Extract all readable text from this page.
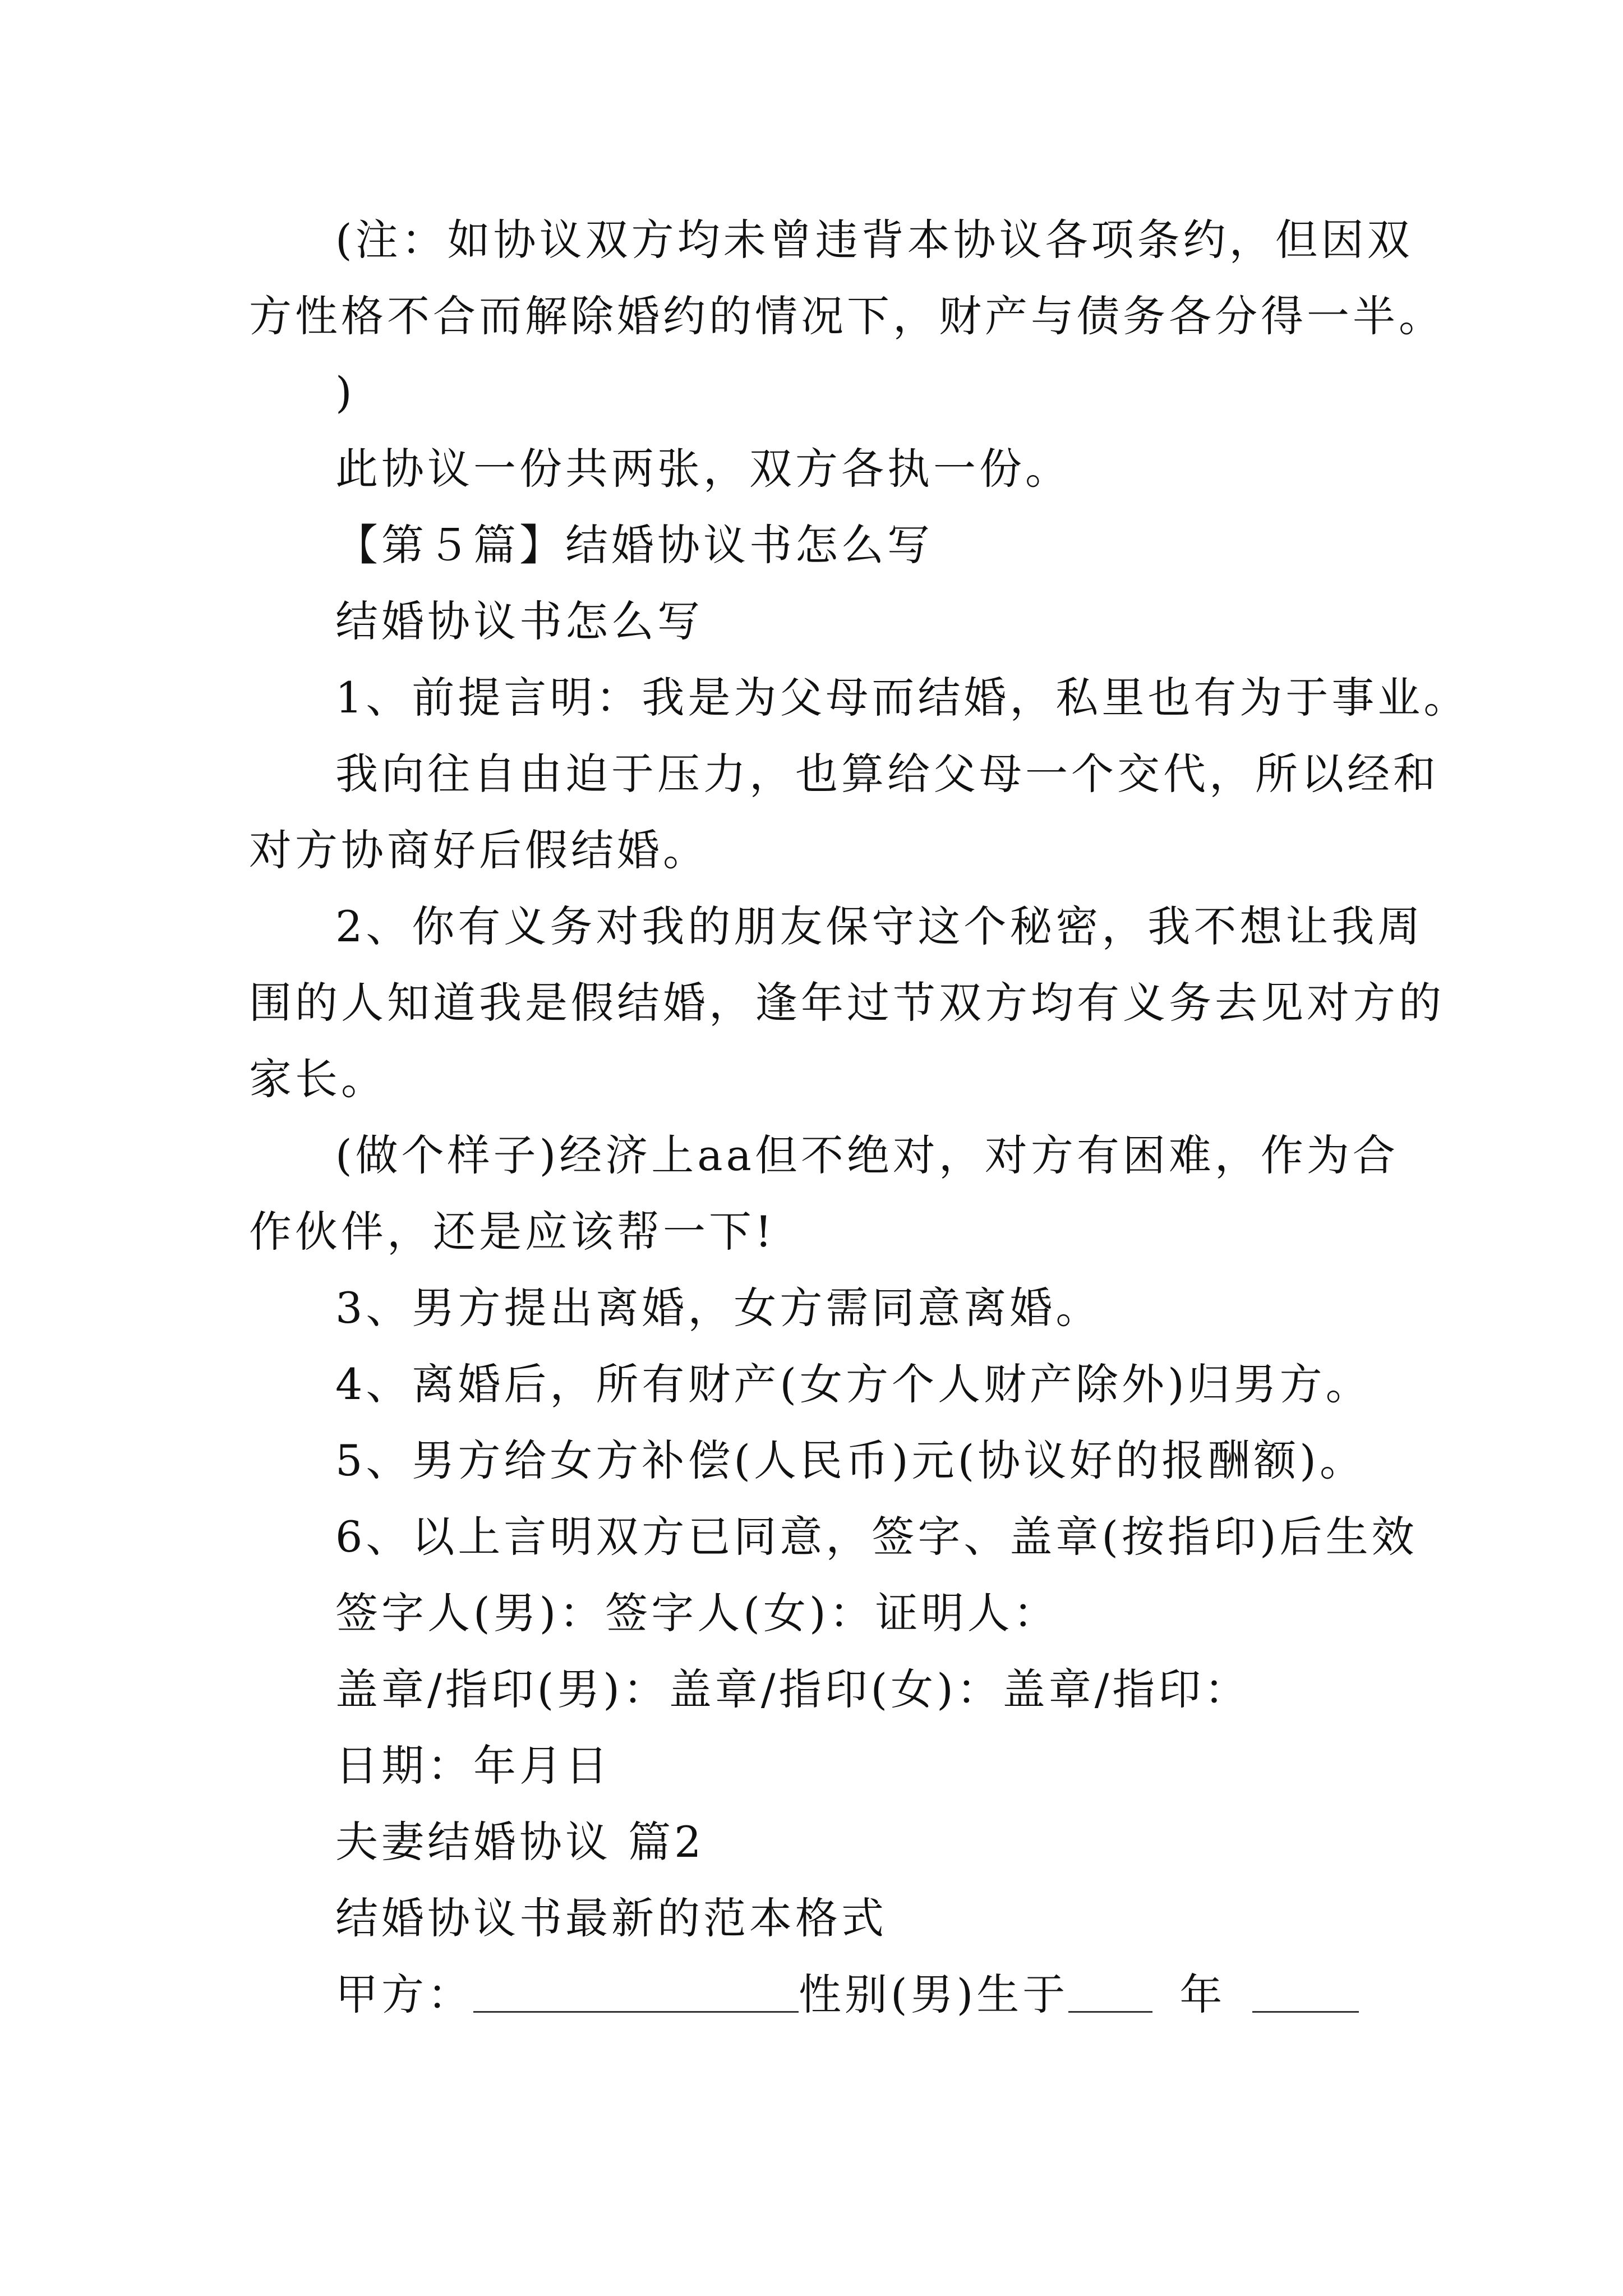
(注：如协议双方均未曾违背本协议各项条约，但因双

方性格不合而解除婚约的情况下，财产与债务各分得一半。

)

此协议一份共两张，双方各执一份。

【第５篇】结婚协议书怎么写

结婚协议书怎么写

1、前提言明：我是为父母而结婚，私里也有为于事业。

我向往自由迫于压力，也算给父母一个交代，所以经和

对方协商好后假结婚。

2、你有义务对我的朋友保守这个秘密，我不想让我周

围的人知道我是假结婚，逢年过节双方均有义务去见对方的

家长。

(做个样子)经济上aa但不绝对，对方有困难，作为合

作伙伴，还是应该帮一下!

3、男方提出离婚，女方需同意离婚。

4、离婚后，所有财产(女方个人财产除外)归男方。

5、男方给女方补偿(人民币)元(协议好的报酬额)。

6、以上言明双方已同意，签字、盖章(按指印)后生效

签字人(男)：签字人(女)：证明人：

盖章/指印(男)：盖章/指印(女)：盖章/指印：

日期：年月日

夫妻结婚协议 篇2

结婚协议书最新的范本格式

甲方：	性别(男)生于	年
